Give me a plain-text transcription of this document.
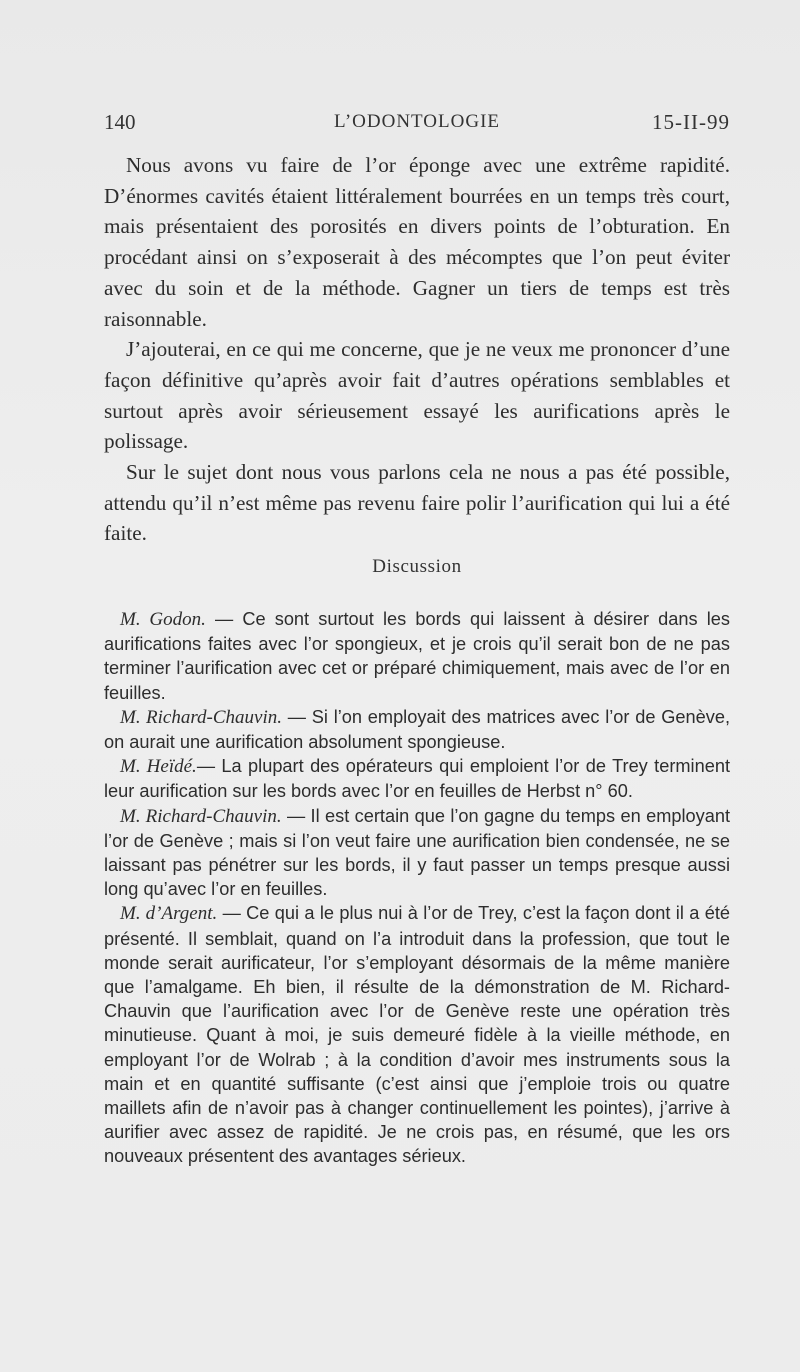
140	L’ODONTOLOGIE	15-II-99

Nous avons vu faire de l’or éponge avec une extrême rapidité. D’énormes cavités étaient littéralement bourrées en un temps très court, mais présentaient des porosités en divers points de l’obturation. En procédant ainsi on s’exposerait à des mécomptes que l’on peut éviter avec du soin et de la méthode. Gagner un tiers de temps est très raisonnable.

J’ajouterai, en ce qui me concerne, que je ne veux me prononcer d’une façon définitive qu’après avoir fait d’autres opérations semblables et surtout après avoir sérieusement essayé les aurifications après le polissage.

Sur le sujet dont nous vous parlons cela ne nous a pas été possible, attendu qu’il n’est même pas revenu faire polir l’aurification qui lui a été faite.

Discussion

M. Godon. — Ce sont surtout les bords qui laissent à désirer dans les aurifications faites avec l’or spongieux, et je crois qu’il serait bon de ne pas terminer l’aurification avec cet or préparé chimiquement, mais avec de l’or en feuilles.

M. Richard-Chauvin. — Si l’on employait des matrices avec l’or de Genève, on aurait une aurification absolument spongieuse.

M. Heïdé.— La plupart des opérateurs qui emploient l’or de Trey terminent leur aurification sur les bords avec l’or en feuilles de Herbst n° 60.

M. Richard-Chauvin. — Il est certain que l’on gagne du temps en employant l’or de Genève ; mais si l’on veut faire une aurification bien condensée, ne se laissant pas pénétrer sur les bords, il y faut passer un temps presque aussi long qu’avec l’or en feuilles.

M. d’Argent. — Ce qui a le plus nui à l’or de Trey, c’est la façon dont il a été présenté. Il semblait, quand on l’a introduit dans la profession, que tout le monde serait aurificateur, l’or s’employant désormais de la même manière que l’amalgame. Eh bien, il résulte de la démonstration de M. Richard-Chauvin que l’aurification avec l’or de Genève reste une opération très minutieuse. Quant à moi, je suis demeuré fidèle à la vieille méthode, en employant l’or de Wolrab ; à la condition d’avoir mes instruments sous la main et en quantité suffisante (c’est ainsi que j’emploie trois ou quatre maillets afin de n’avoir pas à changer continuellement les pointes), j’arrive à aurifier avec assez de rapidité. Je ne crois pas, en résumé, que les ors nouveaux présentent des avantages sérieux.
